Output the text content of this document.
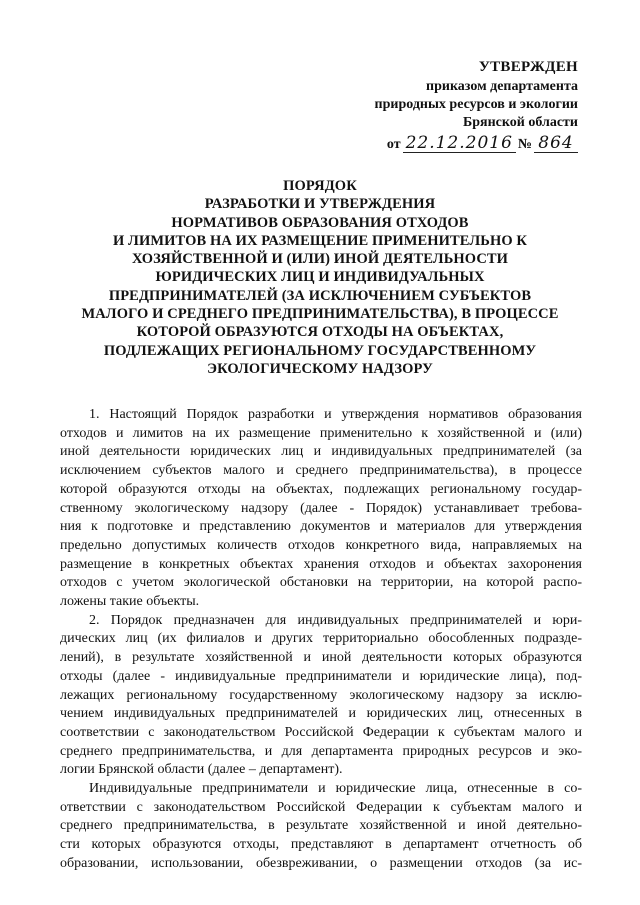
УТВЕРЖДЕН
приказом департамента
природных ресурсов и экологии
Брянской области
от 22.12.2016 № 864
ПОРЯДОК
РАЗРАБОТКИ И УТВЕРЖДЕНИЯ
НОРМАТИВОВ ОБРАЗОВАНИЯ ОТХОДОВ
И ЛИМИТОВ НА ИХ РАЗМЕЩЕНИЕ ПРИМЕНИТЕЛЬНО К
ХОЗЯЙСТВЕННОЙ И (ИЛИ) ИНОЙ ДЕЯТЕЛЬНОСТИ
ЮРИДИЧЕСКИХ ЛИЦ И ИНДИВИДУАЛЬНЫХ
ПРЕДПРИНИМАТЕЛЕЙ (ЗА ИСКЛЮЧЕНИЕМ СУБЪЕКТОВ
МАЛОГО И СРЕДНЕГО ПРЕДПРИНИМАТЕЛЬСТВА), В ПРОЦЕССЕ
КОТОРОЙ ОБРАЗУЮТСЯ ОТХОДЫ НА ОБЪЕКТАХ,
ПОДЛЕЖАЩИХ РЕГИОНАЛЬНОМУ ГОСУДАРСТВЕННОМУ
ЭКОЛОГИЧЕСКОМУ НАДЗОРУ
1. Настоящий Порядок разработки и утверждения нормативов образования
отходов и лимитов на их размещение применительно к хозяйственной и (или)
иной деятельности юридических лиц и индивидуальных предпринимателей (за
исключением субъектов малого и среднего предпринимательства), в процессе
которой образуются отходы на объектах, подлежащих региональному государ-
ственному экологическому надзору (далее - Порядок) устанавливает требова-
ния к подготовке и представлению документов и материалов для утверждения
предельно допустимых количеств отходов конкретного вида, направляемых на
размещение в конкретных объектах хранения отходов и объектах захоронения
отходов с учетом экологической обстановки на территории, на которой распо-
ложены такие объекты.
2. Порядок предназначен для индивидуальных предпринимателей и юри-
дических лиц (их филиалов и других территориально обособленных подразде-
лений), в результате хозяйственной и иной деятельности которых образуются
отходы (далее - индивидуальные предприниматели и юридические лица), под-
лежащих региональному государственному экологическому надзору за исклю-
чением индивидуальных предпринимателей и юридических лиц, отнесенных в
соответствии с законодательством Российской Федерации к субъектам малого и
среднего предпринимательства, и для департамента природных ресурсов и эко-
логии Брянской области (далее – департамент).
Индивидуальные предприниматели и юридические лица, отнесенные в со-
ответствии с законодательством Российской Федерации к субъектам малого и
среднего предпринимательства, в результате хозяйственной и иной деятельно-
сти которых образуются отходы, представляют в департамент отчетность об
образовании, использовании, обезвреживании, о размещении отходов (за ис-
